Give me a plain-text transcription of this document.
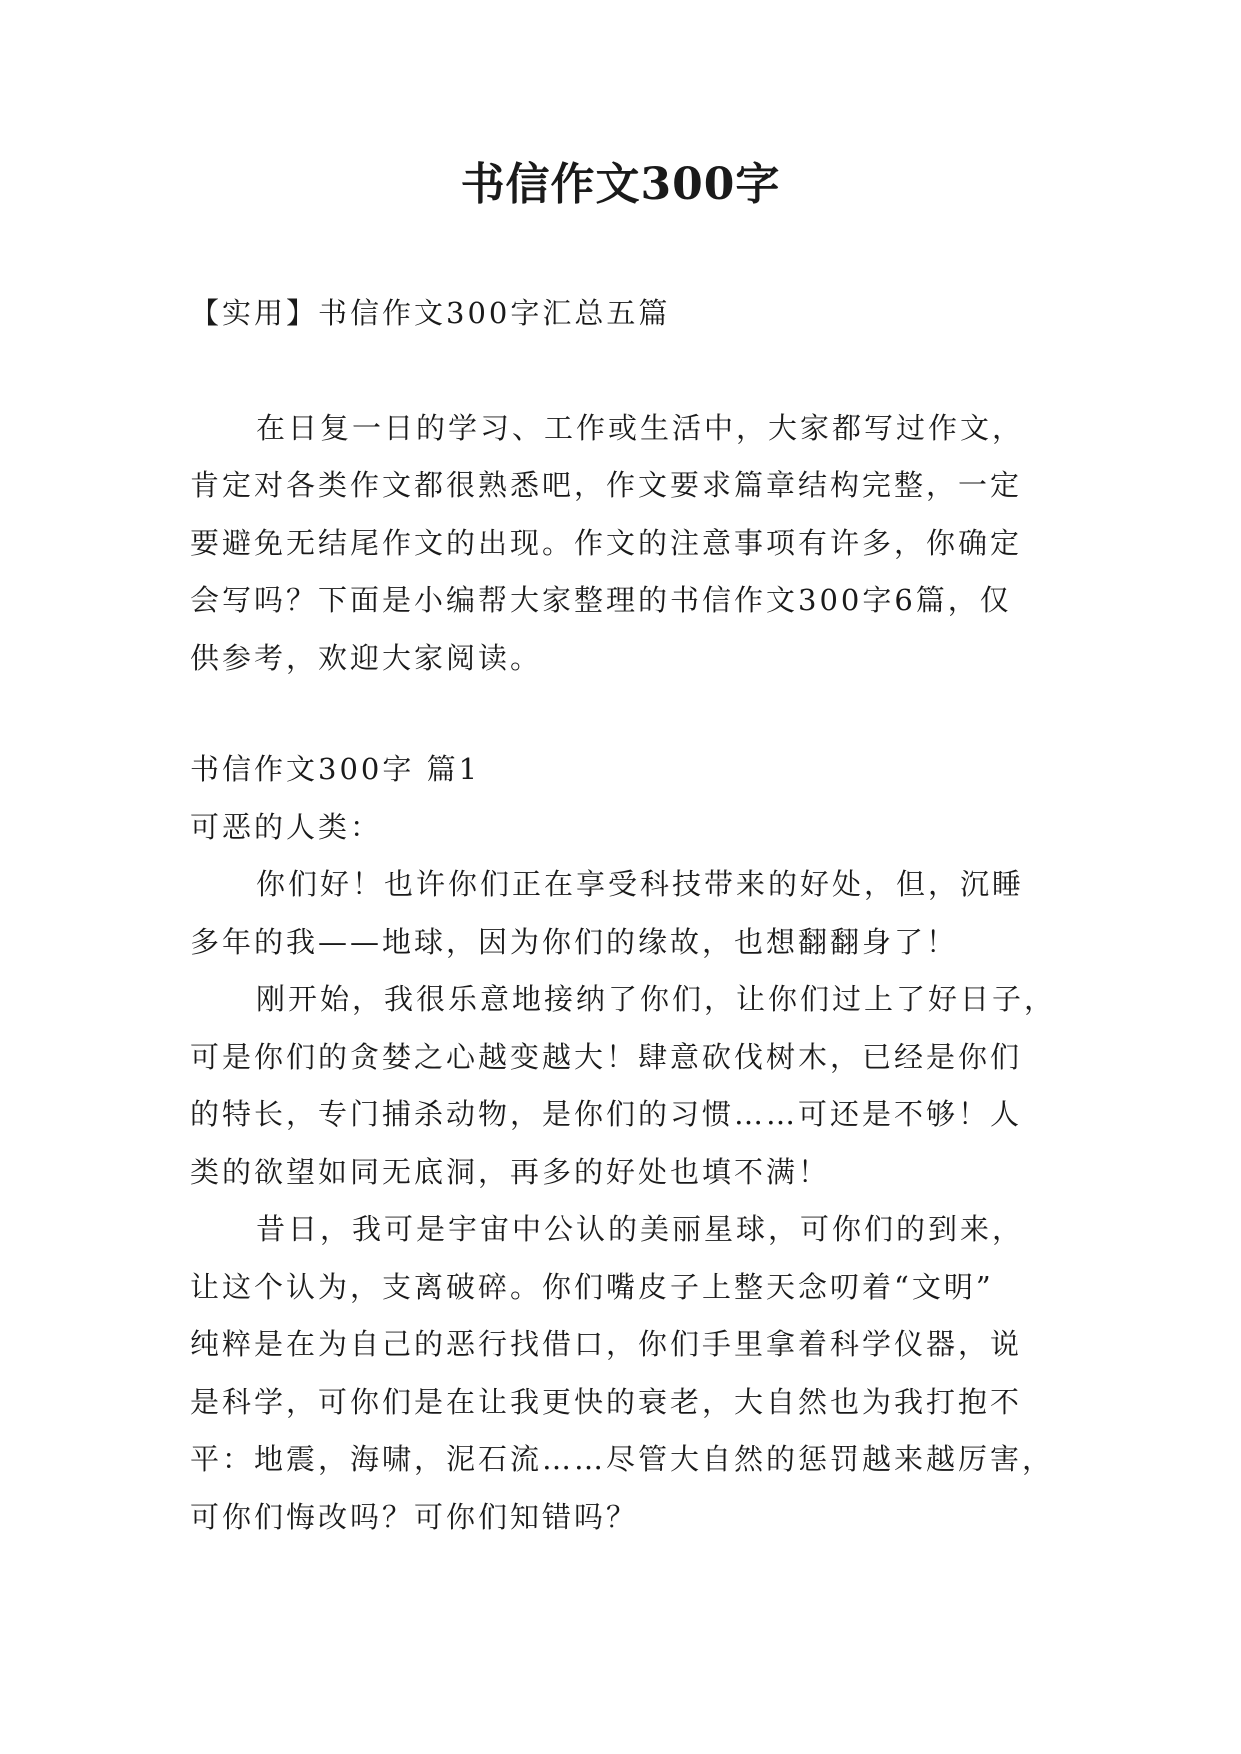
书信作文300字

【实用】书信作文300字汇总五篇

在日复一日的学习、工作或生活中，大家都写过作文，
肯定对各类作文都很熟悉吧，作文要求篇章结构完整，一定
要避免无结尾作文的出现。作文的注意事项有许多，你确定
会写吗？下面是小编帮大家整理的书信作文300字6篇，仅
供参考，欢迎大家阅读。

书信作文300字 篇1

可恶的人类：

你们好！也许你们正在享受科技带来的好处，但，沉睡
多年的我——地球，因为你们的缘故，也想翻翻身了！
刚开始，我很乐意地接纳了你们，让你们过上了好日子，
可是你们的贪婪之心越变越大！肆意砍伐树木，已经是你们
的特长，专门捕杀动物，是你们的习惯……可还是不够！人
类的欲望如同无底洞，再多的好处也填不满！
昔日，我可是宇宙中公认的美丽星球，可你们的到来，
让这个认为，支离破碎。你们嘴皮子上整天念叨着“文明”
纯粹是在为自己的恶行找借口，你们手里拿着科学仪器，说
是科学，可你们是在让我更快的衰老，大自然也为我打抱不
平：地震，海啸，泥石流……尽管大自然的惩罚越来越厉害，
可你们悔改吗？可你们知错吗？
